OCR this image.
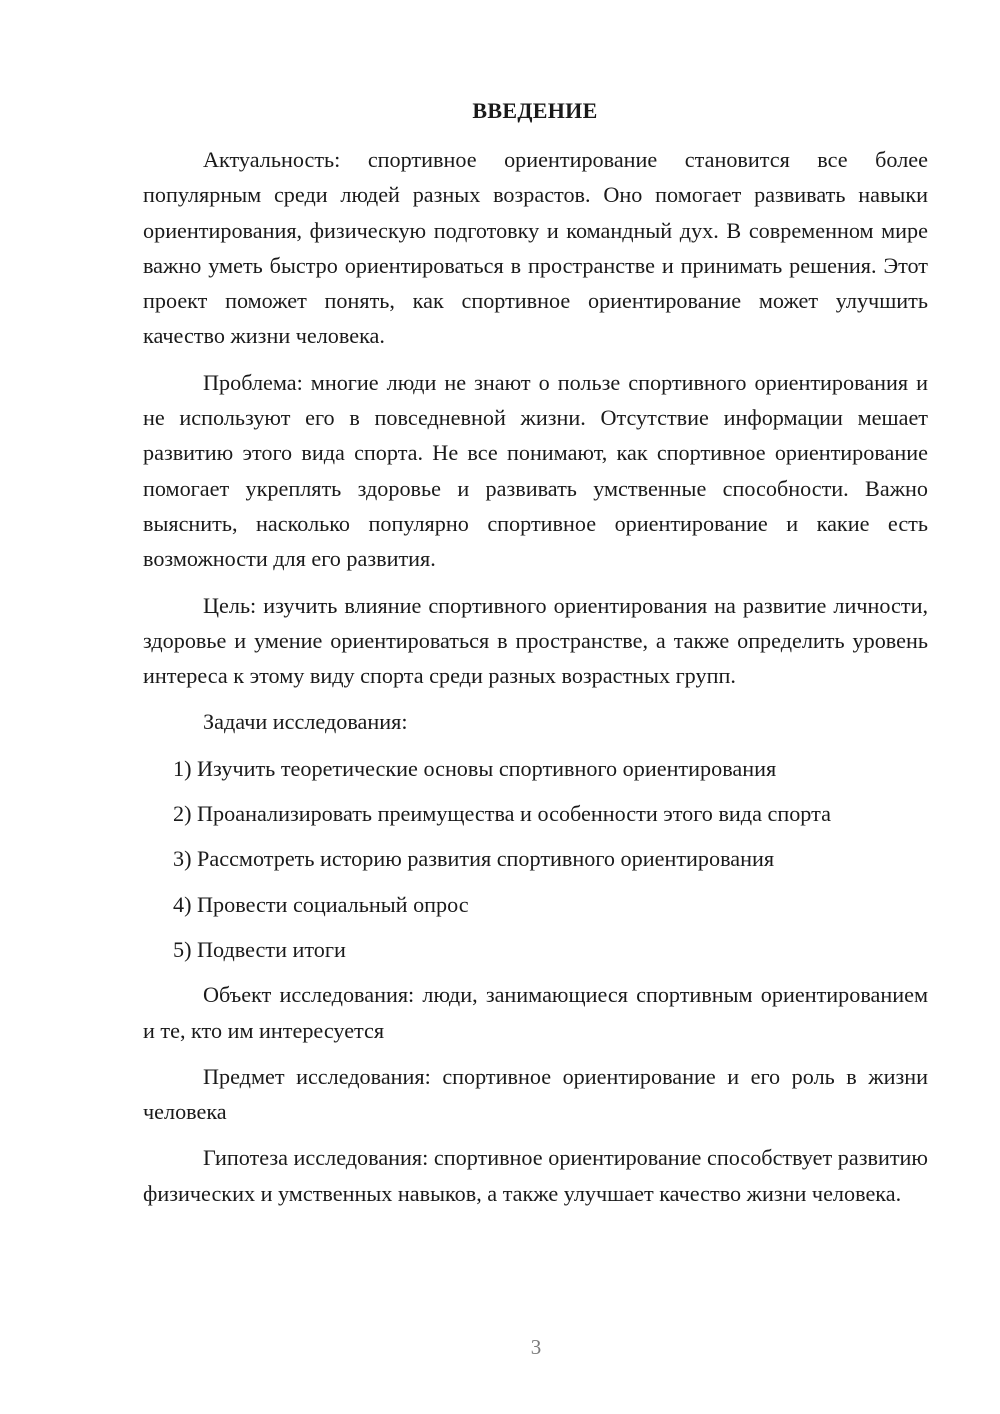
ВВЕДЕНИЕ

Актуальность: спортивное ориентирование становится все более популярным среди людей разных возрастов. Оно помогает развивать навыки ориентирования, физическую подготовку и командный дух. В современном мире важно уметь быстро ориентироваться в пространстве и принимать решения. Этот проект поможет понять, как спортивное ориентирование может улучшить качество жизни человека.

Проблема: многие люди не знают о пользе спортивного ориентирования и не используют его в повседневной жизни. Отсутствие информации мешает развитию этого вида спорта. Не все понимают, как спортивное ориентирование помогает укреплять здоровье и развивать умственные способности. Важно выяснить, насколько популярно спортивное ориентирование и какие есть возможности для его развития.

Цель: изучить влияние спортивного ориентирования на развитие личности, здоровье и умение ориентироваться в пространстве, а также определить уровень интереса к этому виду спорта среди разных возрастных групп.

Задачи исследования:

1) Изучить теоретические основы спортивного ориентирования

2) Проанализировать преимущества и особенности этого вида спорта

3) Рассмотреть историю развития спортивного ориентирования

4) Провести социальный опрос

5) Подвести итоги

Объект исследования: люди, занимающиеся спортивным ориентированием и те, кто им интересуется

Предмет исследования: спортивное ориентирование и его роль в жизни человека

Гипотеза исследования: спортивное ориентирование способствует развитию физических и умственных навыков, а также улучшает качество жизни человека.

3
